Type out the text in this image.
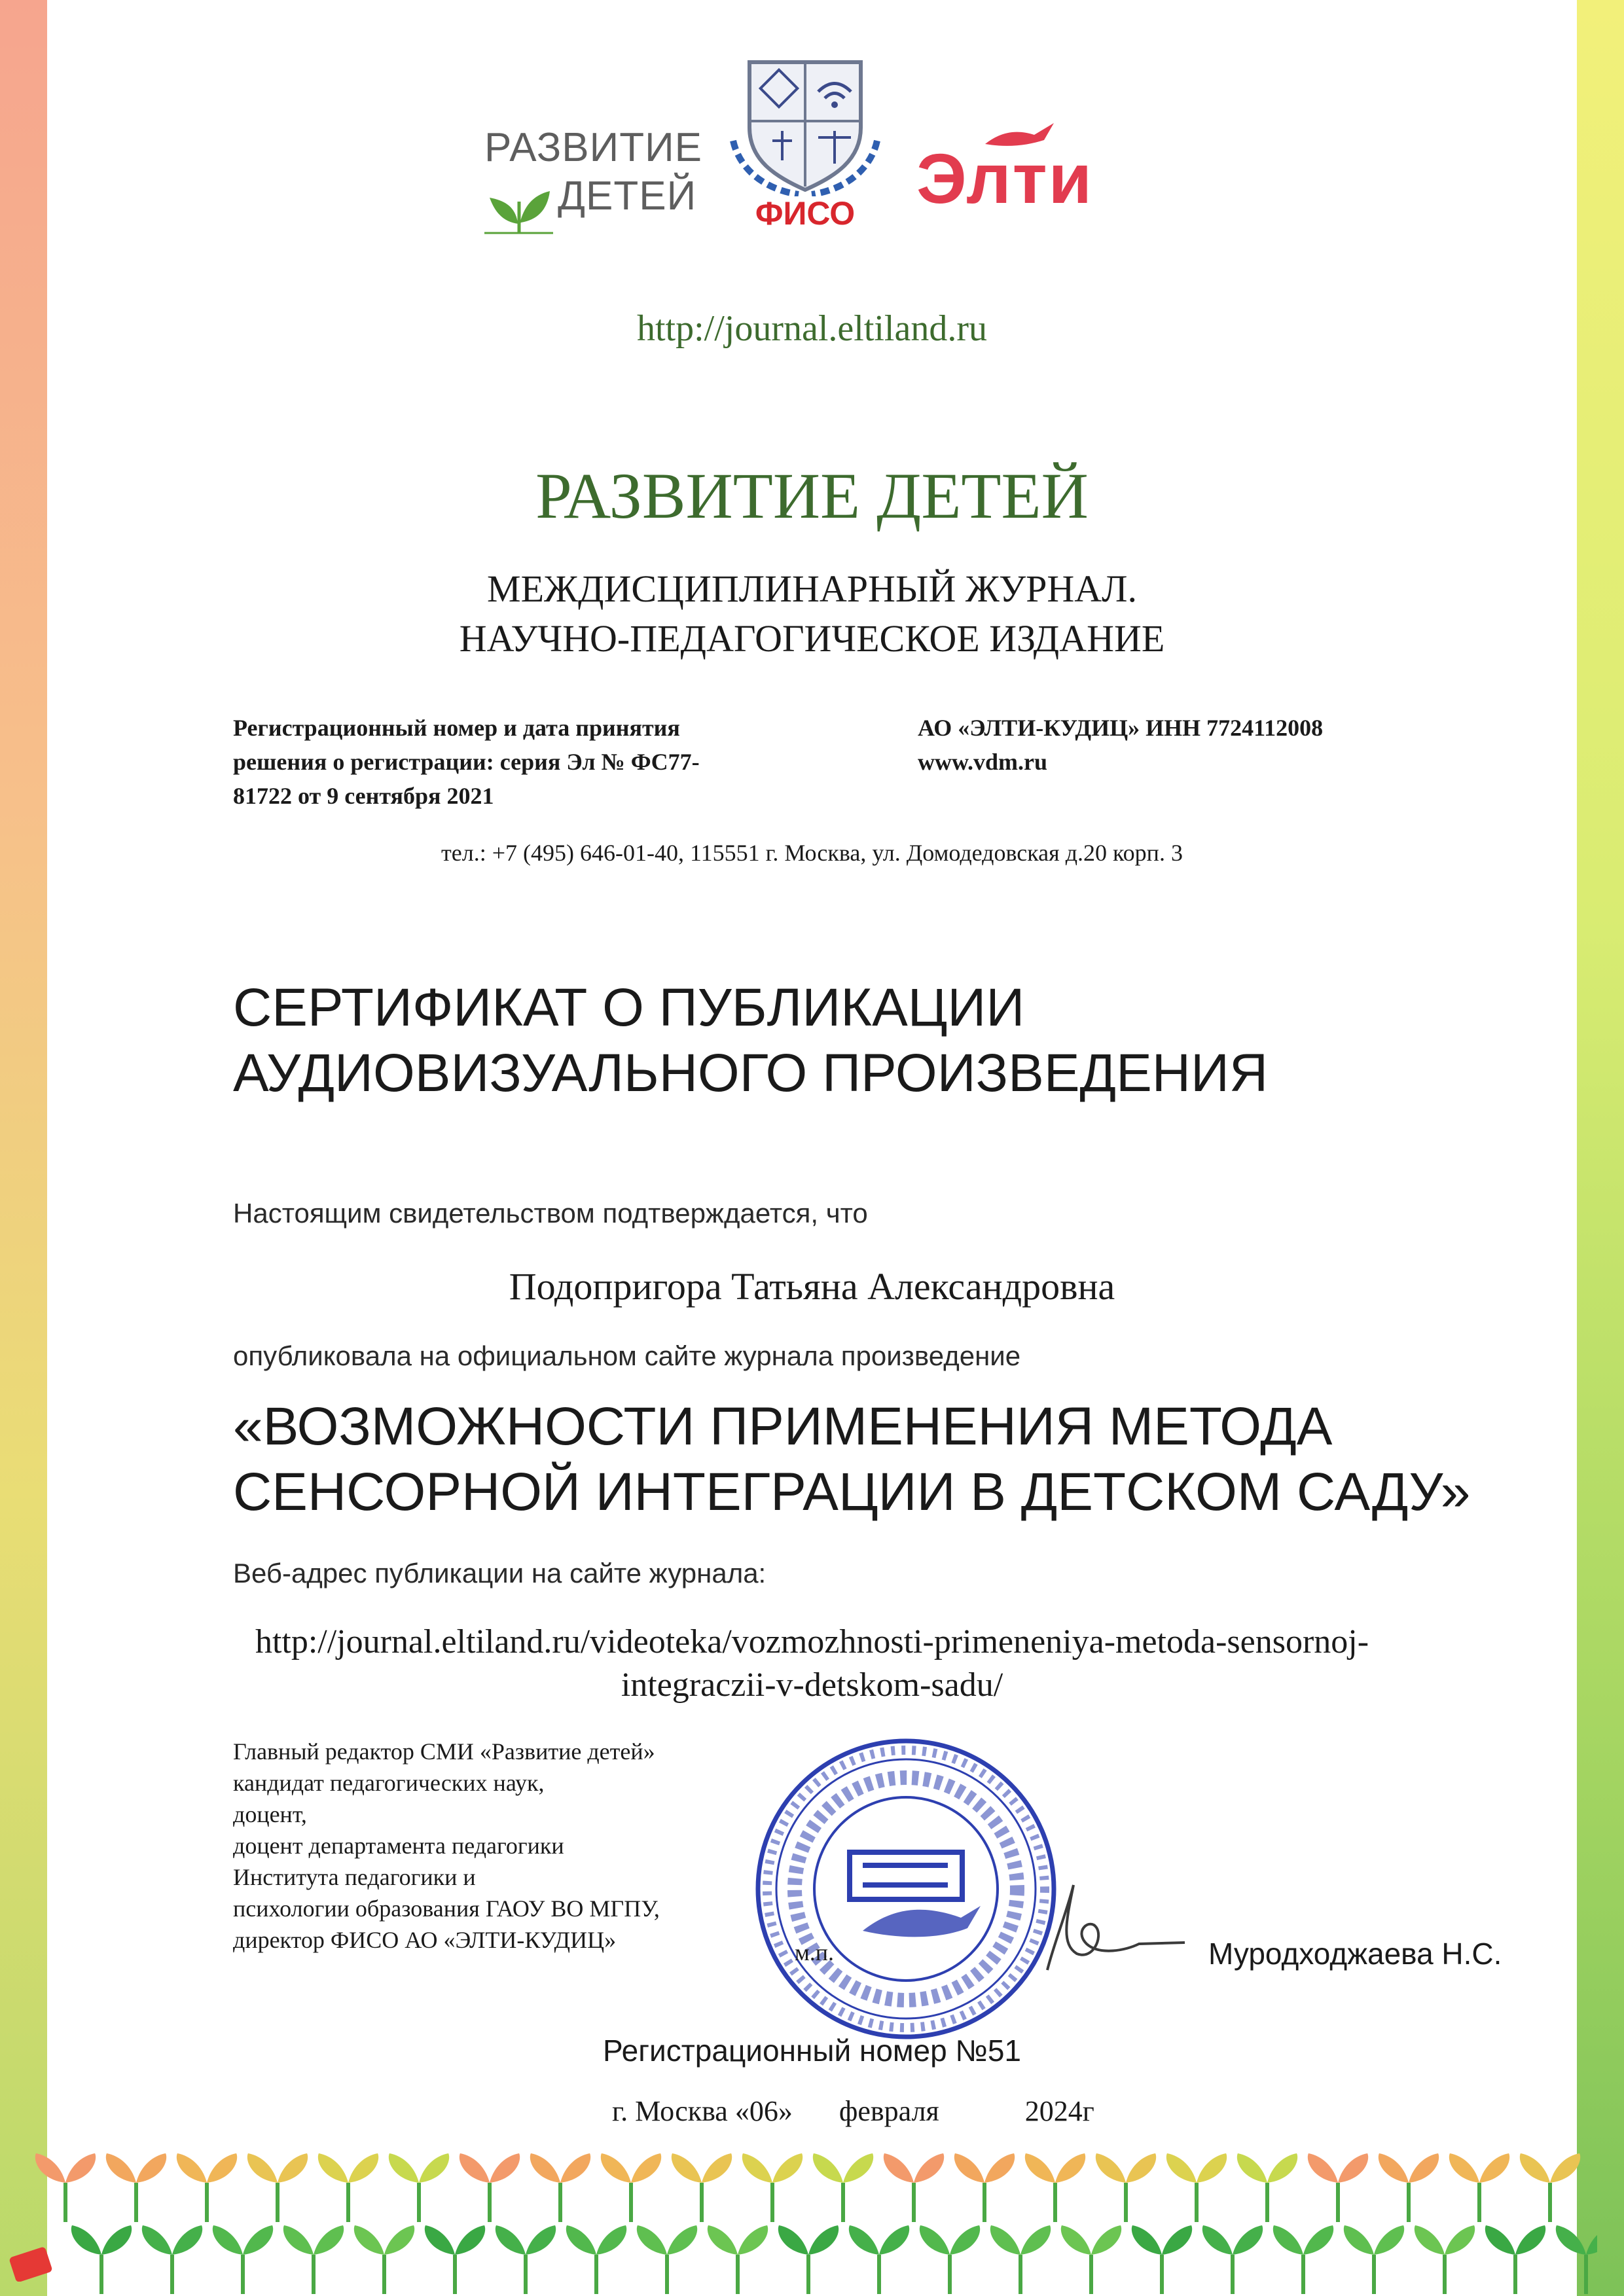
РАЗВИТИЕ
ДЕТЕЙ	ФИСО Элти
http://journal.eltiland.ru
РАЗВИТИЕ ДЕТЕЙ
МЕЖДИСЦИПЛИНАРНЫЙ ЖУРНАЛ.
НАУЧНО-ПЕДАГОГИЧЕСКОЕ ИЗДАНИЕ
Регистрационный номер и дата принятия
решения о регистрации: серия Эл № ФС77-
81722 от 9 сентября 2021
АО «ЭЛТИ-КУДИЦ» ИНН 7724112008
www.vdm.ru
тел.: +7 (495) 646-01-40, 115551 г. Москва, ул. Домодедовская д.20 корп. 3
СЕРТИФИКАТ О ПУБЛИКАЦИИ
АУДИОВИЗУАЛЬНОГО ПРОИЗВЕДЕНИЯ
Настоящим свидетельством подтверждается, что
Подопригора Татьяна Александровна
опубликовала на официальном сайте журнала произведение
«ВОЗМОЖНОСТИ ПРИМЕНЕНИЯ МЕТОДА
СЕНСОРНОЙ ИНТЕГРАЦИИ В ДЕТСКОМ САДУ»
Веб-адрес публикации на сайте журнала:
http://journal.eltiland.ru/videoteka/vozmozhnosti-primeneniya-metoda-sensornoj-
integraczii-v-detskom-sadu/
Главный редактор СМИ «Развитие детей»
кандидат педагогических наук,
доцент,
доцент департамента педагогики
Института педагогики и
психологии образования ГАОУ ВО МГПУ,
директор ФИСО АО «ЭЛТИ-КУДИЦ»	м.п.	Муродходжаева Н.С.
Регистрационный номер №51
г. Москва «06» февраля	2024г
